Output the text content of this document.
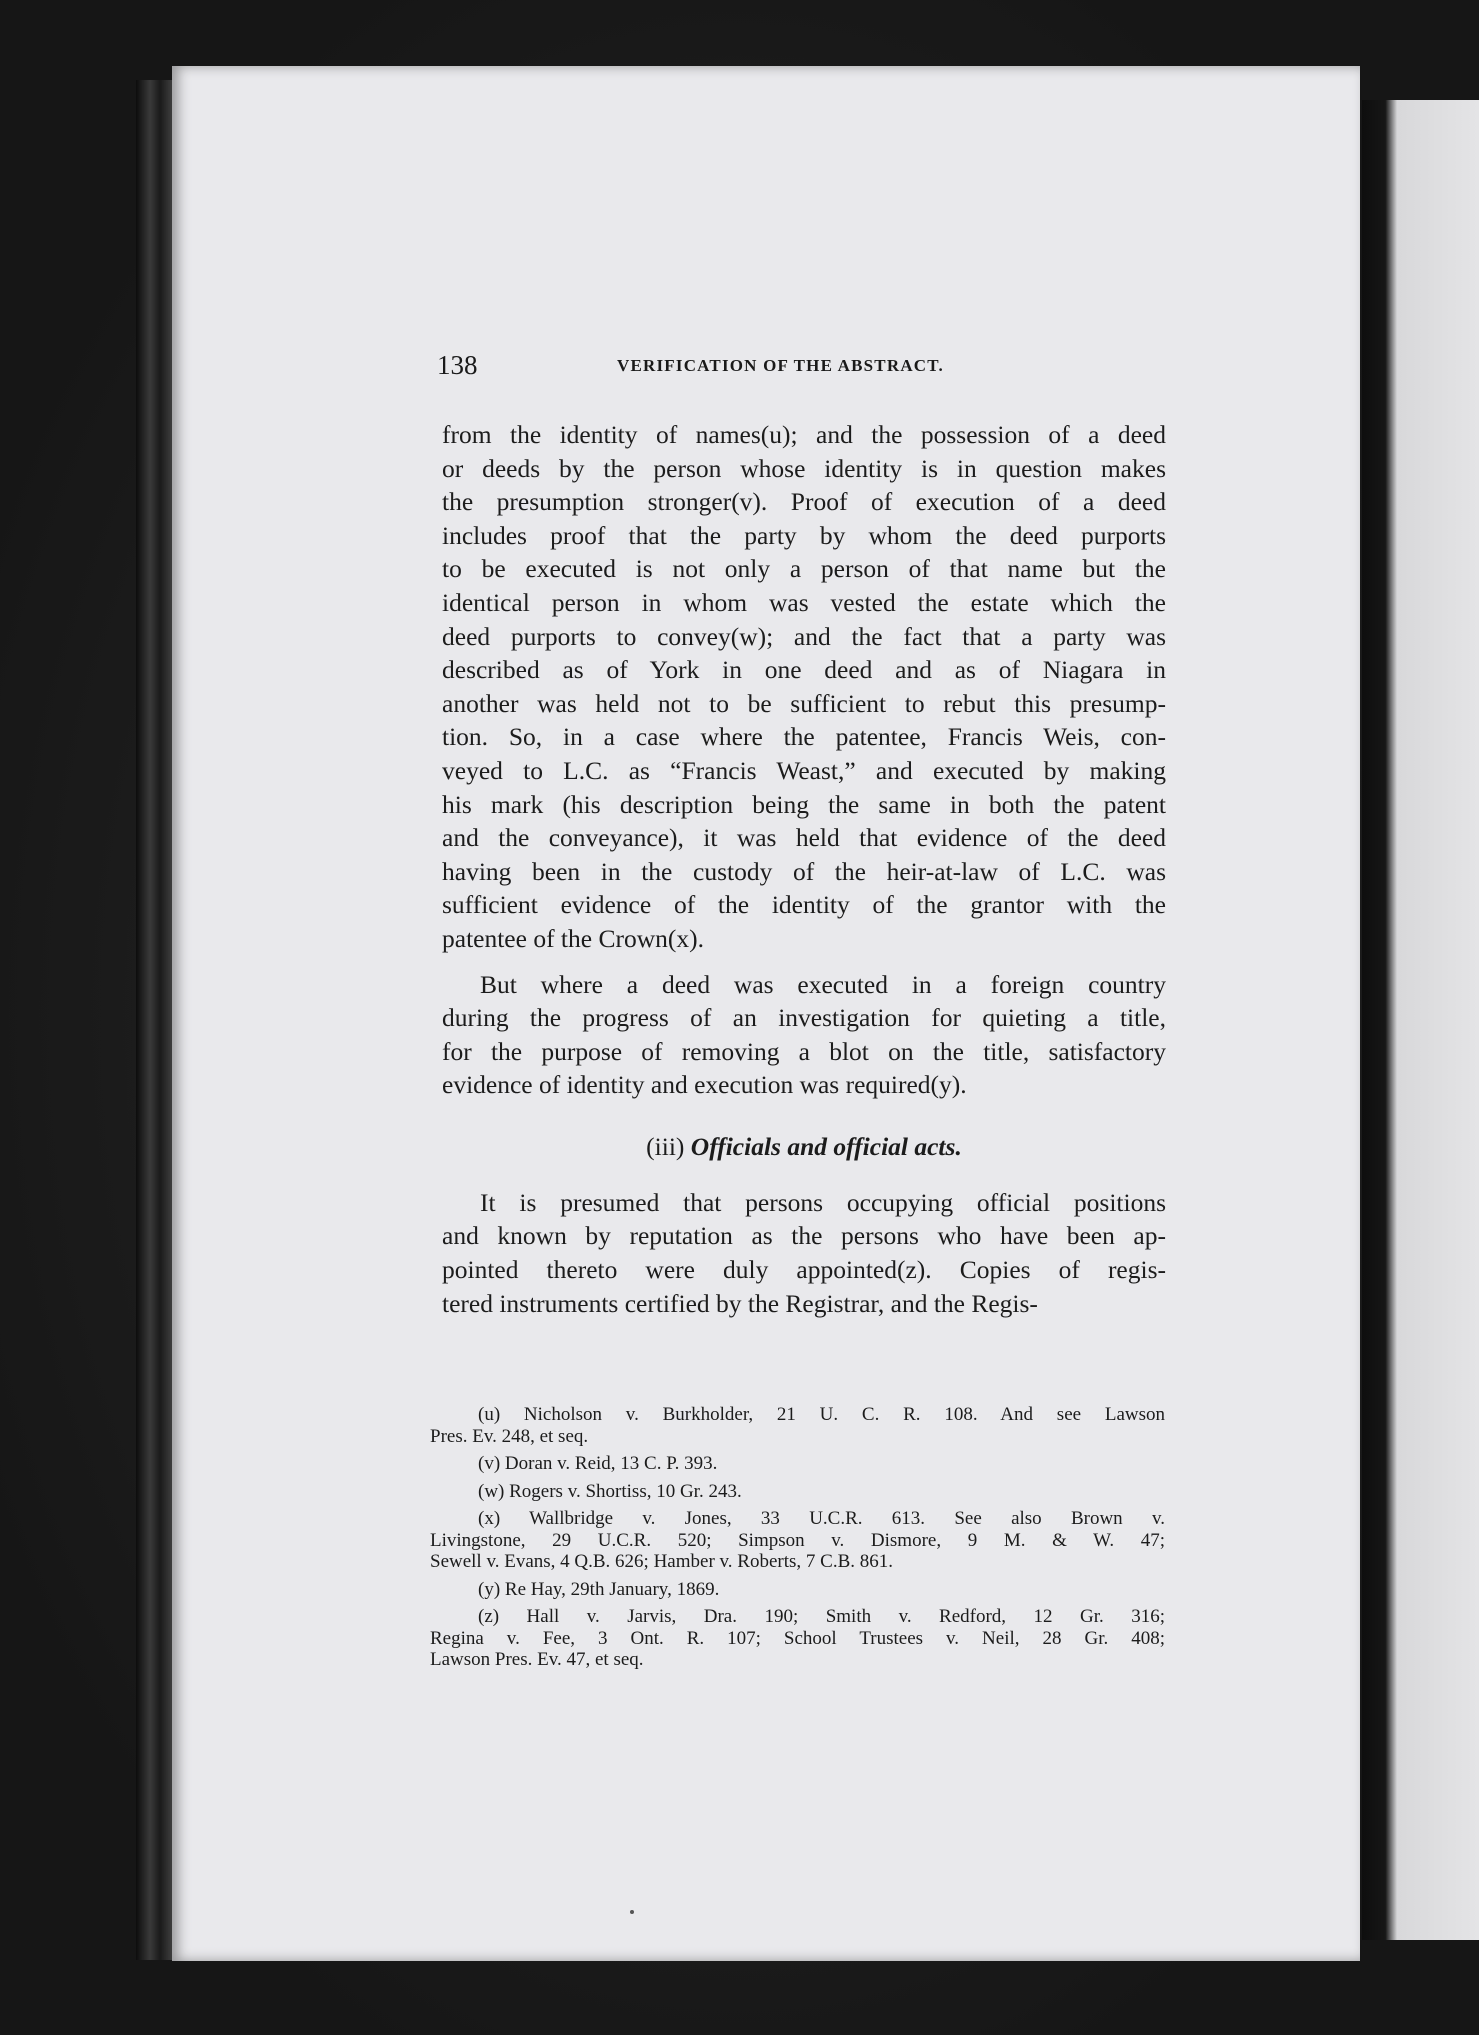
138	VERIFICATION OF THE ABSTRACT.
from the identity of names(u); and the possession of a deed
or deeds by the person whose identity is in question makes
the presumption stronger(v). Proof of execution of a deed
includes proof that the party by whom the deed purports
to be executed is not only a person of that name but the
identical person in whom was vested the estate which the
deed purports to convey(w); and the fact that a party was
described as of York in one deed and as of Niagara in
another was held not to be sufficient to rebut this presump-
tion. So, in a case where the patentee, Francis Weis, con-
veyed to L.C. as “Francis Weast,” and executed by making
his mark (his description being the same in both the patent
and the conveyance), it was held that evidence of the deed
having been in the custody of the heir-at-law of L.C. was
sufficient evidence of the identity of the grantor with the
patentee of the Crown(x).
But where a deed was executed in a foreign country
during the progress of an investigation for quieting a title,
for the purpose of removing a blot on the title, satisfactory
evidence of identity and execution was required(y).
(iii) Officials and official acts.
It is presumed that persons occupying official positions
and known by reputation as the persons who have been ap-
pointed thereto were duly appointed(z). Copies of regis-
tered instruments certified by the Registrar, and the Regis-
(u) Nicholson v. Burkholder, 21 U. C. R. 108. And see Lawson
Pres. Ev. 248, et seq.
(v) Doran v. Reid, 13 C. P. 393.
(w) Rogers v. Shortiss, 10 Gr. 243.
(x) Wallbridge v. Jones, 33 U.C.R. 613. See also Brown v.
Livingstone, 29 U.C.R. 520; Simpson v. Dismore, 9 M. & W. 47;
Sewell v. Evans, 4 Q.B. 626; Hamber v. Roberts, 7 C.B. 861.
(y) Re Hay, 29th January, 1869.
(z) Hall v. Jarvis, Dra. 190; Smith v. Redford, 12 Gr. 316;
Regina v. Fee, 3 Ont. R. 107; School Trustees v. Neil, 28 Gr. 408;
Lawson Pres. Ev. 47, et seq.
